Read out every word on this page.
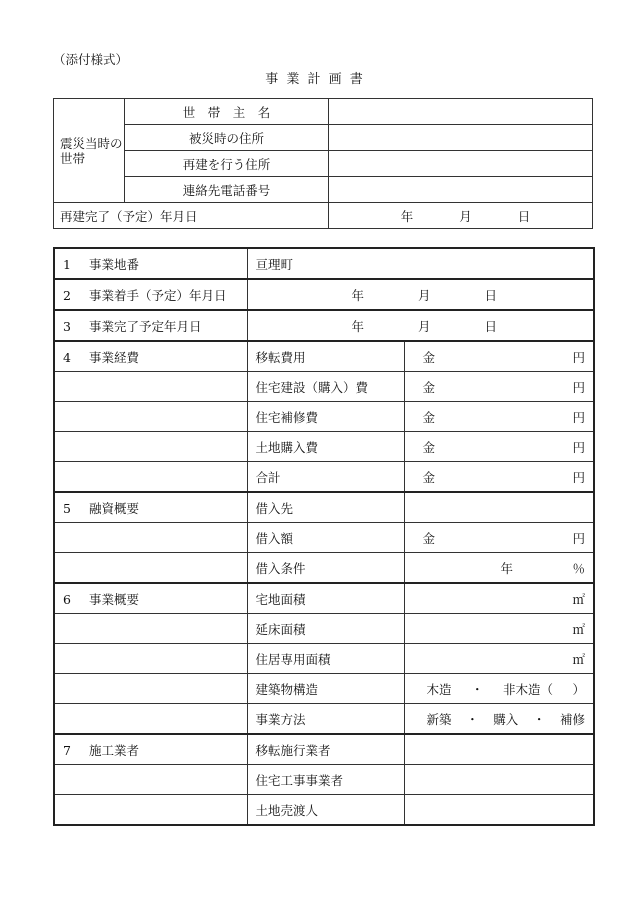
（添付様式）
事 業 計 画 書
震災当時の世帯	世　帯　主　名	
	被災時の住所	
	再建を行う住所	
	連絡先電話番号	
再建完了（予定）年月日		年 月 日
1 事業地番	亘理町	
2 事業着手（予定）年月日	年 月 日	

3 事業完了予定年月日	年 月 日	

4 事業経費	移転費用	金 円

	住宅建設（購入）費	金 円

	住宅補修費	金 円

	土地購入費	金 円

	合計	金 円

5 融資概要	借入先	
	借入額	金 円

	借入条件	年 ％

6 事業概要	宅地面積	㎡
	延床面積	㎡
	住居専用面積	㎡
	建築物構造	木造 ・ 非木造（ ）

	事業方法	新築 ・ 購入 ・ 補修

7 施工業者	移転施行業者	
	住宅工事事業者	
	土地売渡人	
